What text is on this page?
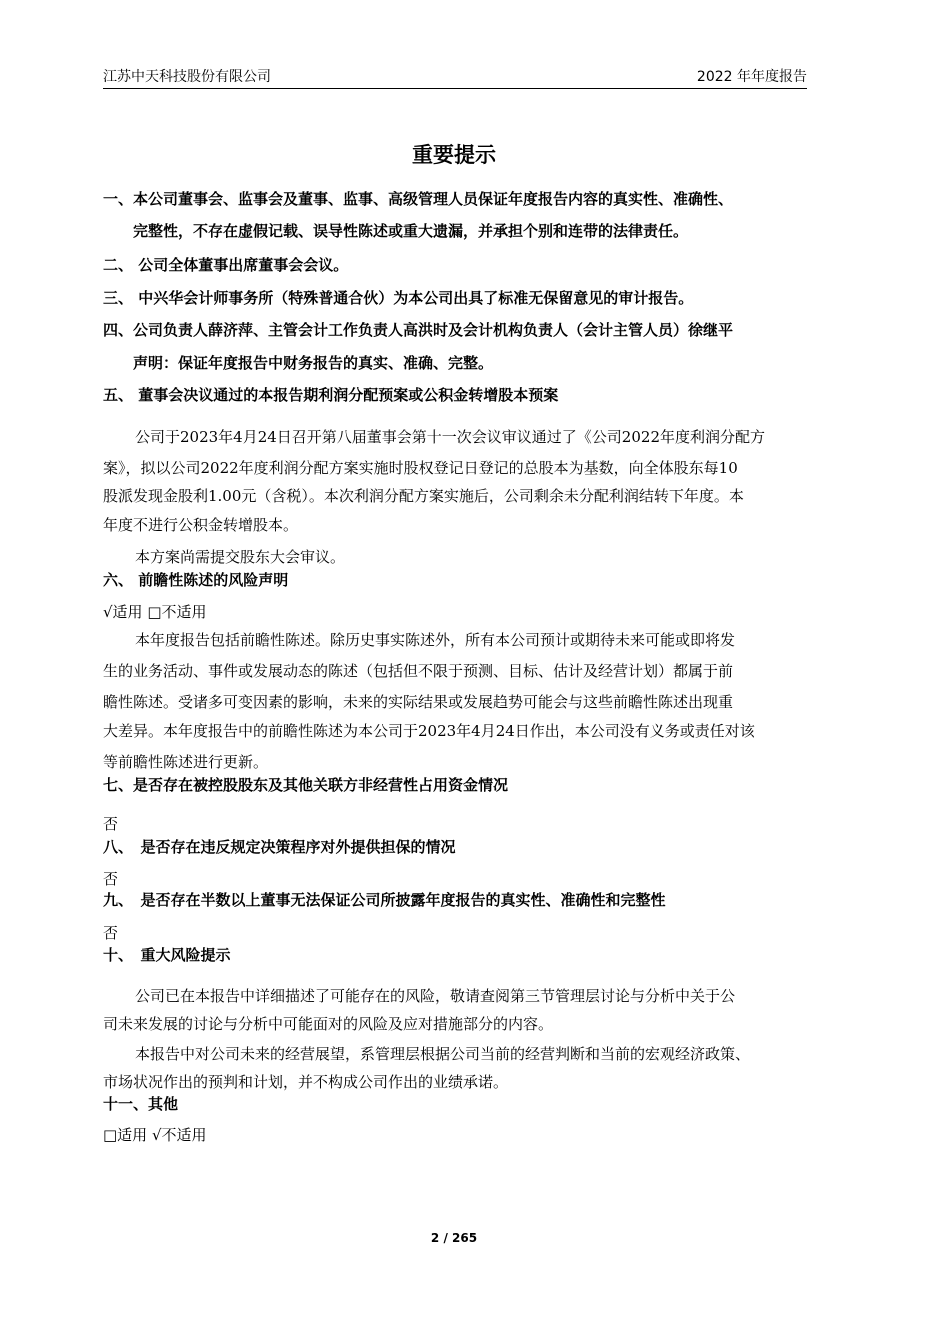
江苏中天科技股份有限公司	2022 年年度报告
重要提示
一、本公司董事会、监事会及董事、监事、高级管理人员保证年度报告内容的真实性、准确性、
完整性，不存在虚假记载、误导性陈述或重大遗漏，并承担个别和连带的法律责任。
二、 公司全体董事出席董事会会议。
三、 中兴华会计师事务所（特殊普通合伙）为本公司出具了标准无保留意见的审计报告。
四、公司负责人薛济萍、主管会计工作负责人高洪时及会计机构负责人（会计主管人员）徐继平
声明：保证年度报告中财务报告的真实、准确、完整。
五、 董事会决议通过的本报告期利润分配预案或公积金转增股本预案
公司于2023年4月24日召开第八届董事会第十一次会议审议通过了《公司2022年度利润分配方
案》，拟以公司2022年度利润分配方案实施时股权登记日登记的总股本为基数，向全体股东每10
股派发现金股利1.00元（含税）。本次利润分配方案实施后，公司剩余未分配利润结转下年度。本
年度不进行公积金转增股本。
本方案尚需提交股东大会审议。
六、 前瞻性陈述的风险声明
√适用 □不适用
本年度报告包括前瞻性陈述。除历史事实陈述外，所有本公司预计或期待未来可能或即将发
生的业务活动、事件或发展动态的陈述（包括但不限于预测、目标、估计及经营计划）都属于前
瞻性陈述。受诸多可变因素的影响，未来的实际结果或发展趋势可能会与这些前瞻性陈述出现重
大差异。本年度报告中的前瞻性陈述为本公司于2023年4月24日作出，本公司没有义务或责任对该
等前瞻性陈述进行更新。
七、是否存在被控股股东及其他关联方非经营性占用资金情况
否
八、　是否存在违反规定决策程序对外提供担保的情况
否
九、　是否存在半数以上董事无法保证公司所披露年度报告的真实性、准确性和完整性
否
十、　重大风险提示
公司已在本报告中详细描述了可能存在的风险，敬请查阅第三节管理层讨论与分析中关于公
司未来发展的讨论与分析中可能面对的风险及应对措施部分的内容。
本报告中对公司未来的经营展望，系管理层根据公司当前的经营判断和当前的宏观经济政策、
市场状况作出的预判和计划，并不构成公司作出的业绩承诺。
十一、其他
□适用 √不适用
2 / 265
